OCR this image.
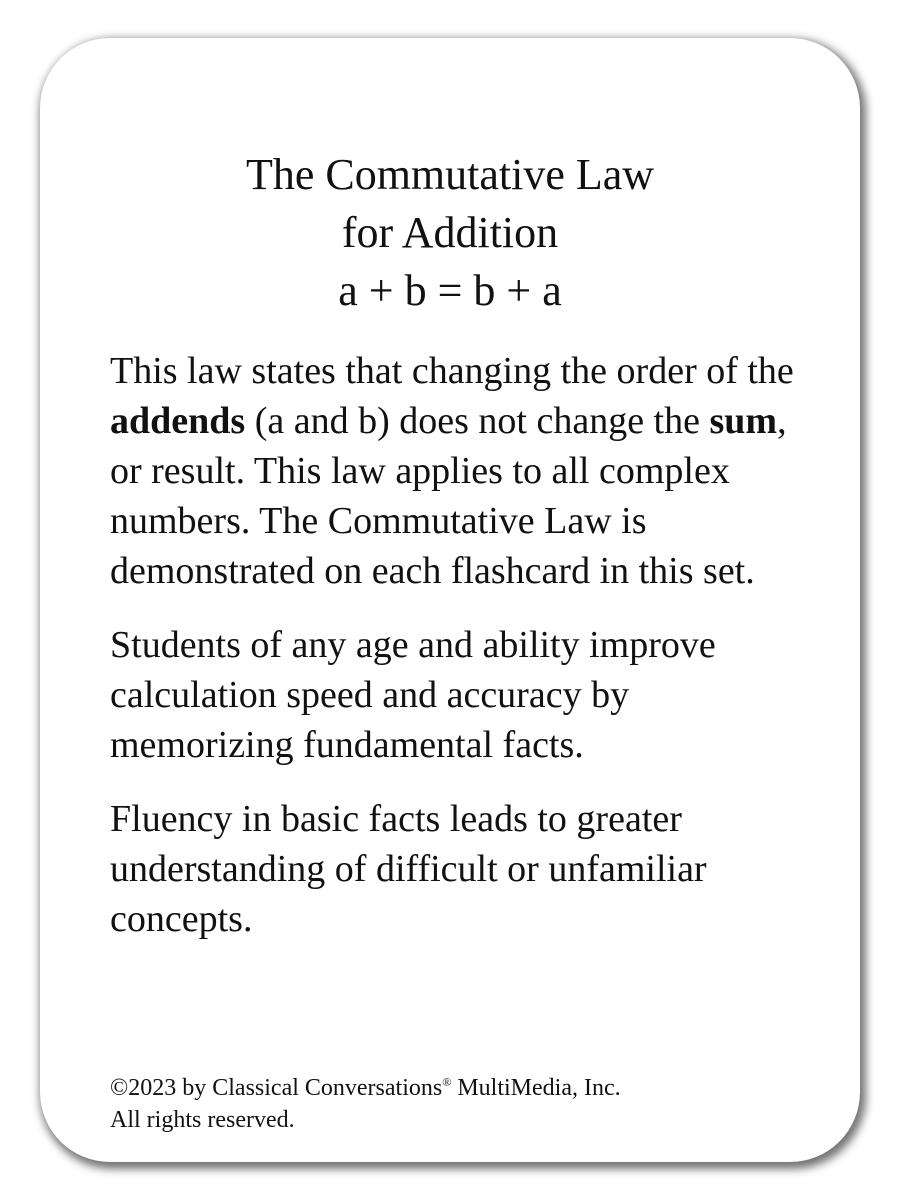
The Commutative Law
for Addition
a + b = b + a

This law states that changing the order of the addends (a and b) does not change the sum, or result. This law applies to all complex numbers. The Commutative Law is demonstrated on each flashcard in this set.

Students of any age and ability improve calculation speed and accuracy by memorizing fundamental facts.

Fluency in basic facts leads to greater understanding of difficult or unfamiliar concepts.

©2023 by Classical Conversations® MultiMedia, Inc.
All rights reserved.
